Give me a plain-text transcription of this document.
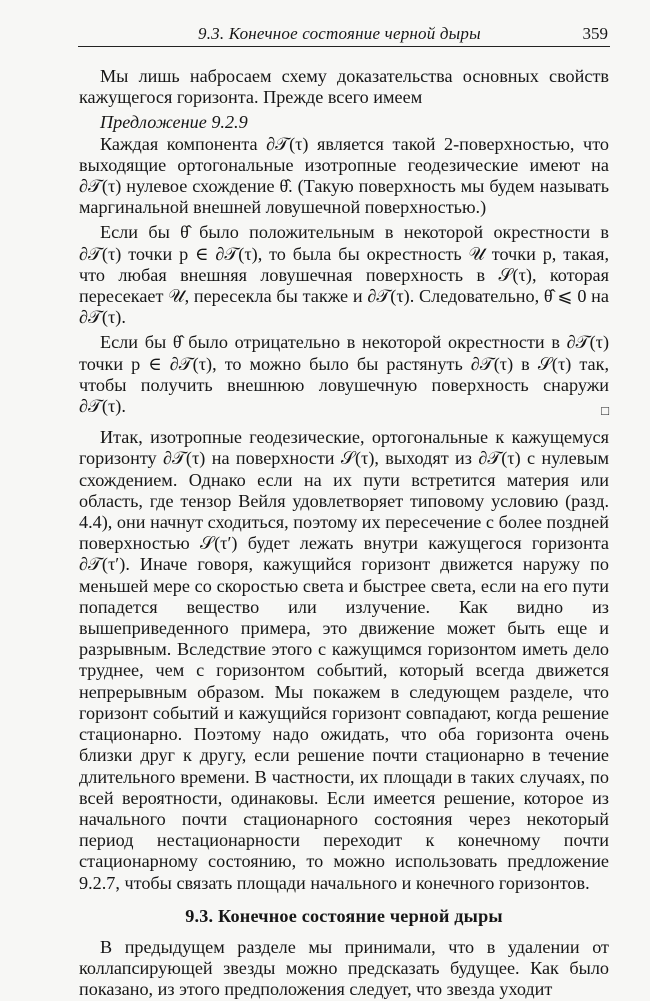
9.3. Конечное состояние черной дыры	359

Мы лишь набросаем схему доказательства основных свойств кажущегося горизонта. Прежде всего имеем

Предложение 9.2.9

Каждая компонента ∂𝒯(τ) является такой 2-поверхностью, что выходящие ортогональные изотропные геодезические имеют на ∂𝒯(τ) нулевое схождение θ̂. (Такую поверхность мы будем называть маргинальной внешней ловушечной поверхностью.)

Если бы θ̂ было положительным в некоторой окрестности в ∂𝒯(τ) точки p ∈ ∂𝒯(τ), то была бы окрестность 𝒰 точки p, такая, что любая внешняя ловушечная поверхность в 𝒮(τ), которая пересекает 𝒰, пересекла бы также и ∂𝒯(τ). Следовательно, θ̂ ⩽ 0 на ∂𝒯(τ).

Если бы θ̂ было отрицательно в некоторой окрестности в ∂𝒯(τ) точки p ∈ ∂𝒯(τ), то можно было бы растянуть ∂𝒯(τ) в 𝒮(τ) так, чтобы получить внешнюю ловушечную поверхность снаружи ∂𝒯(τ).	□

Итак, изотропные геодезические, ортогональные к кажущемуся горизонту ∂𝒯(τ) на поверхности 𝒮(τ), выходят из ∂𝒯(τ) с нулевым схождением. Однако если на их пути встретится материя или область, где тензор Вейля удовлетворяет типовому условию (разд. 4.4), они начнут сходиться, поэтому их пересечение с более поздней поверхностью 𝒮(τ′) будет лежать внутри кажущегося горизонта ∂𝒯(τ′). Иначе говоря, кажущийся горизонт движется наружу по меньшей мере со скоростью света и быстрее света, если на его пути попадется вещество или излучение. Как видно из вышеприведенного примера, это движение может быть еще и разрывным. Вследствие этого с кажущимся горизонтом иметь дело труднее, чем с горизонтом событий, который всегда движется непрерывным образом. Мы покажем в следующем разделе, что горизонт событий и кажущийся горизонт совпадают, когда решение стационарно. Поэтому надо ожидать, что оба горизонта очень близки друг к другу, если решение почти стационарно в течение длительного времени. В частности, их площади в таких случаях, по всей вероятности, одинаковы. Если имеется решение, которое из начального почти стационарного состояния через некоторый период нестационарности переходит к конечному почти стационарному состоянию, то можно использовать предложение 9.2.7, чтобы связать площади начального и конечного горизонтов.

9.3. Конечное состояние черной дыры

В предыдущем разделе мы принимали, что в удалении от коллапсирующей звезды можно предсказать будущее. Как было показано, из этого предположения следует, что звезда уходит
